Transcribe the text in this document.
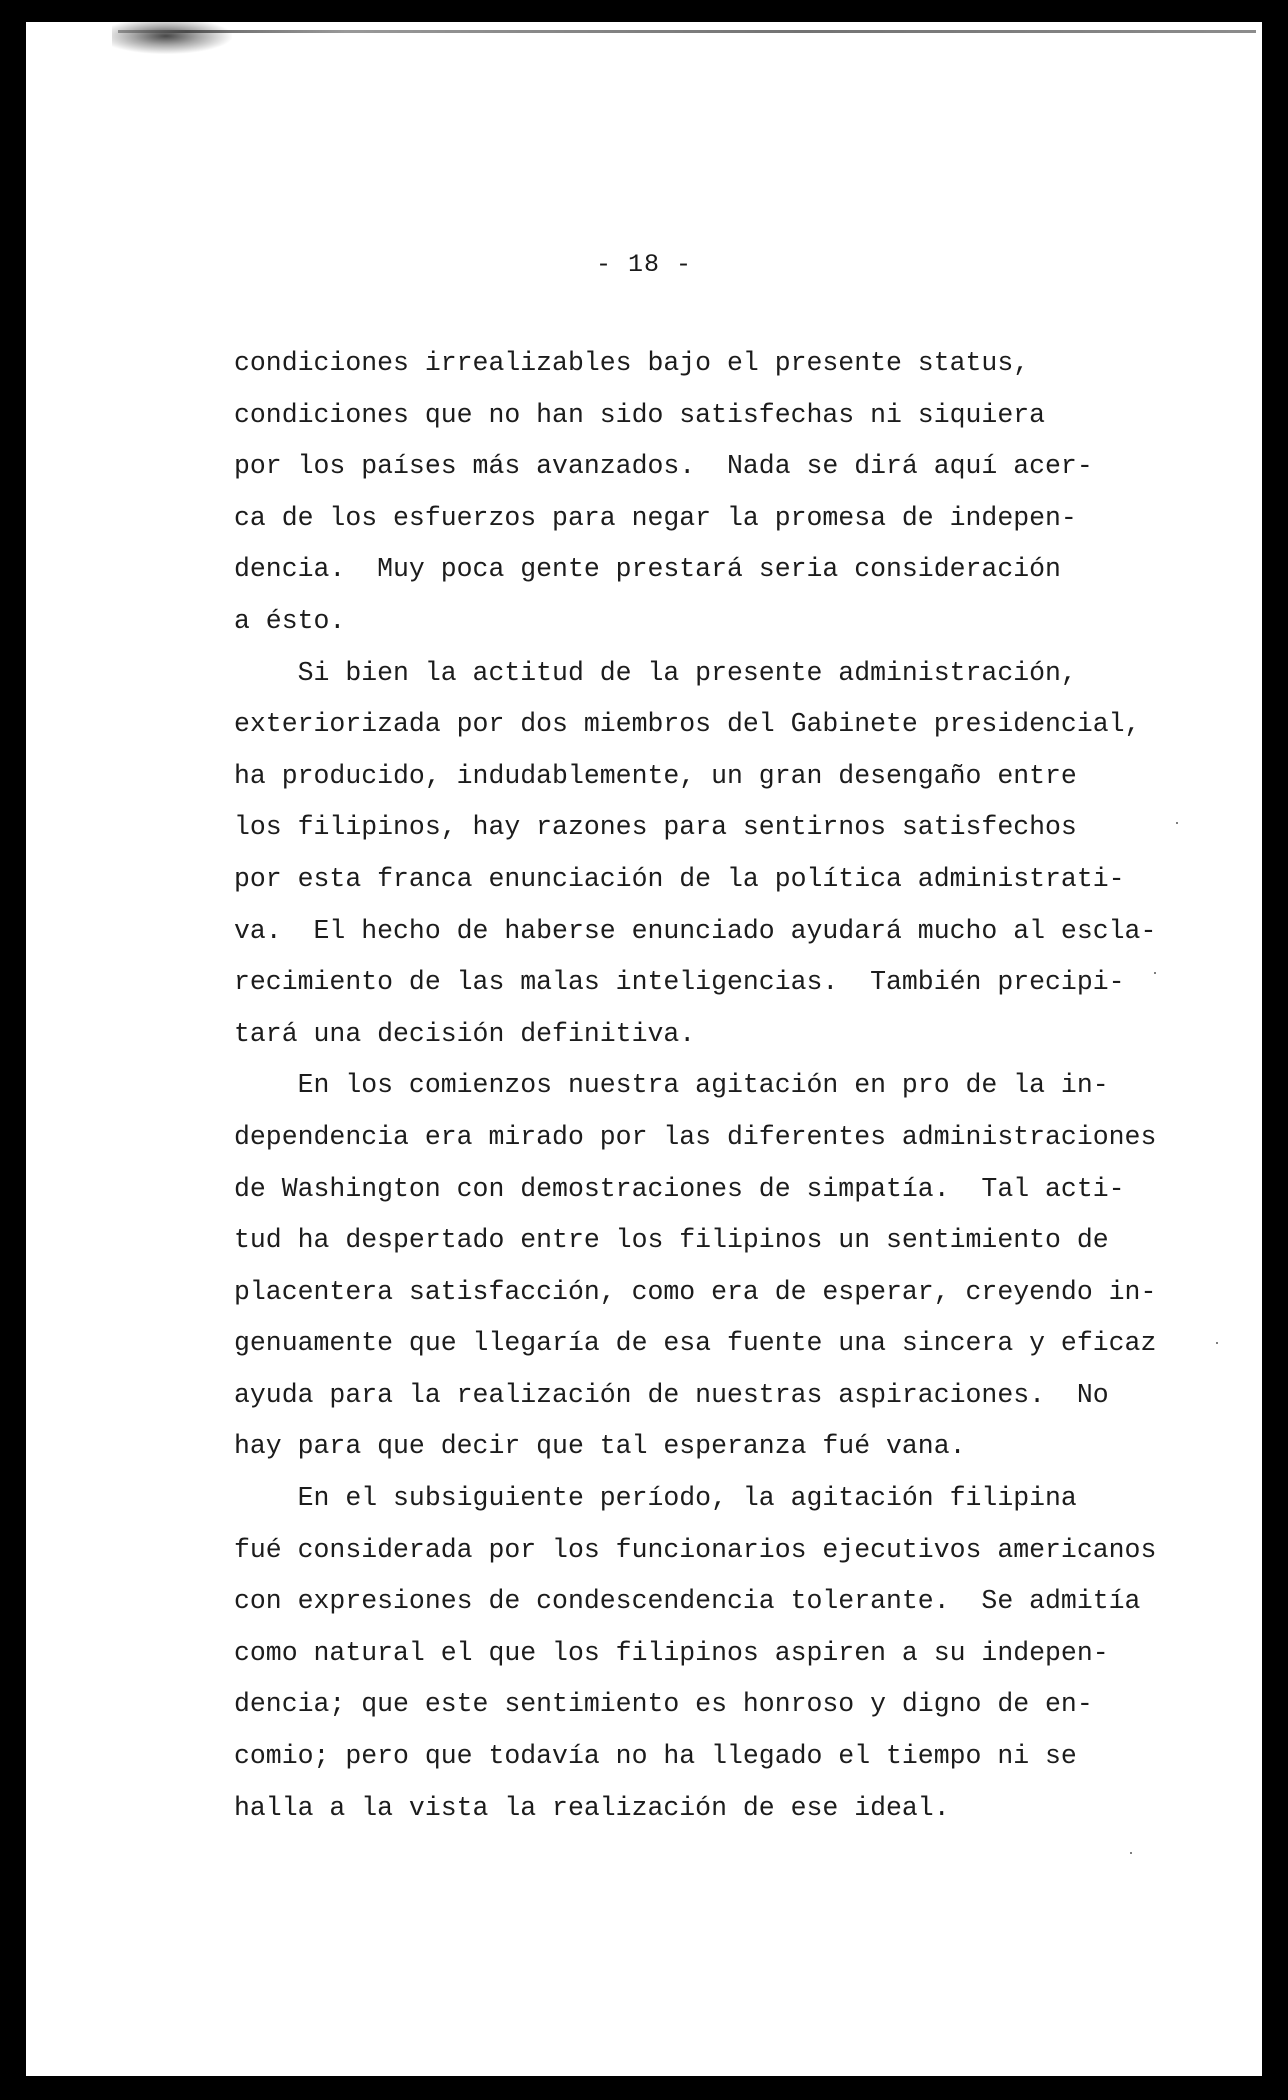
- 18 -
condiciones irrealizables bajo el presente status,
condiciones que no han sido satisfechas ni siquiera
por los países más avanzados.  Nada se dirá aquí acer-
ca de los esfuerzos para negar la promesa de indepen-
dencia.  Muy poca gente prestará seria consideración
a ésto.
Si bien la actitud de la presente administración,
exteriorizada por dos miembros del Gabinete presidencial,
ha producido, indudablemente, un gran desengaño entre
los filipinos, hay razones para sentirnos satisfechos
por esta franca enunciación de la política administrati-
va.  El hecho de haberse enunciado ayudará mucho al escla-
recimiento de las malas inteligencias.  También precipi-
tará una decisión definitiva.
En los comienzos nuestra agitación en pro de la in-
dependencia era mirado por las diferentes administraciones
de Washington con demostraciones de simpatía.  Tal acti-
tud ha despertado entre los filipinos un sentimiento de
placentera satisfacción, como era de esperar, creyendo in-
genuamente que llegaría de esa fuente una sincera y eficaz
ayuda para la realización de nuestras aspiraciones.  No
hay para que decir que tal esperanza fué vana.
En el subsiguiente período, la agitación filipina
fué considerada por los funcionarios ejecutivos americanos
con expresiones de condescendencia tolerante.  Se admitía
como natural el que los filipinos aspiren a su indepen-
dencia; que este sentimiento es honroso y digno de en-
comio; pero que todavía no ha llegado el tiempo ni se
halla a la vista la realización de ese ideal.
